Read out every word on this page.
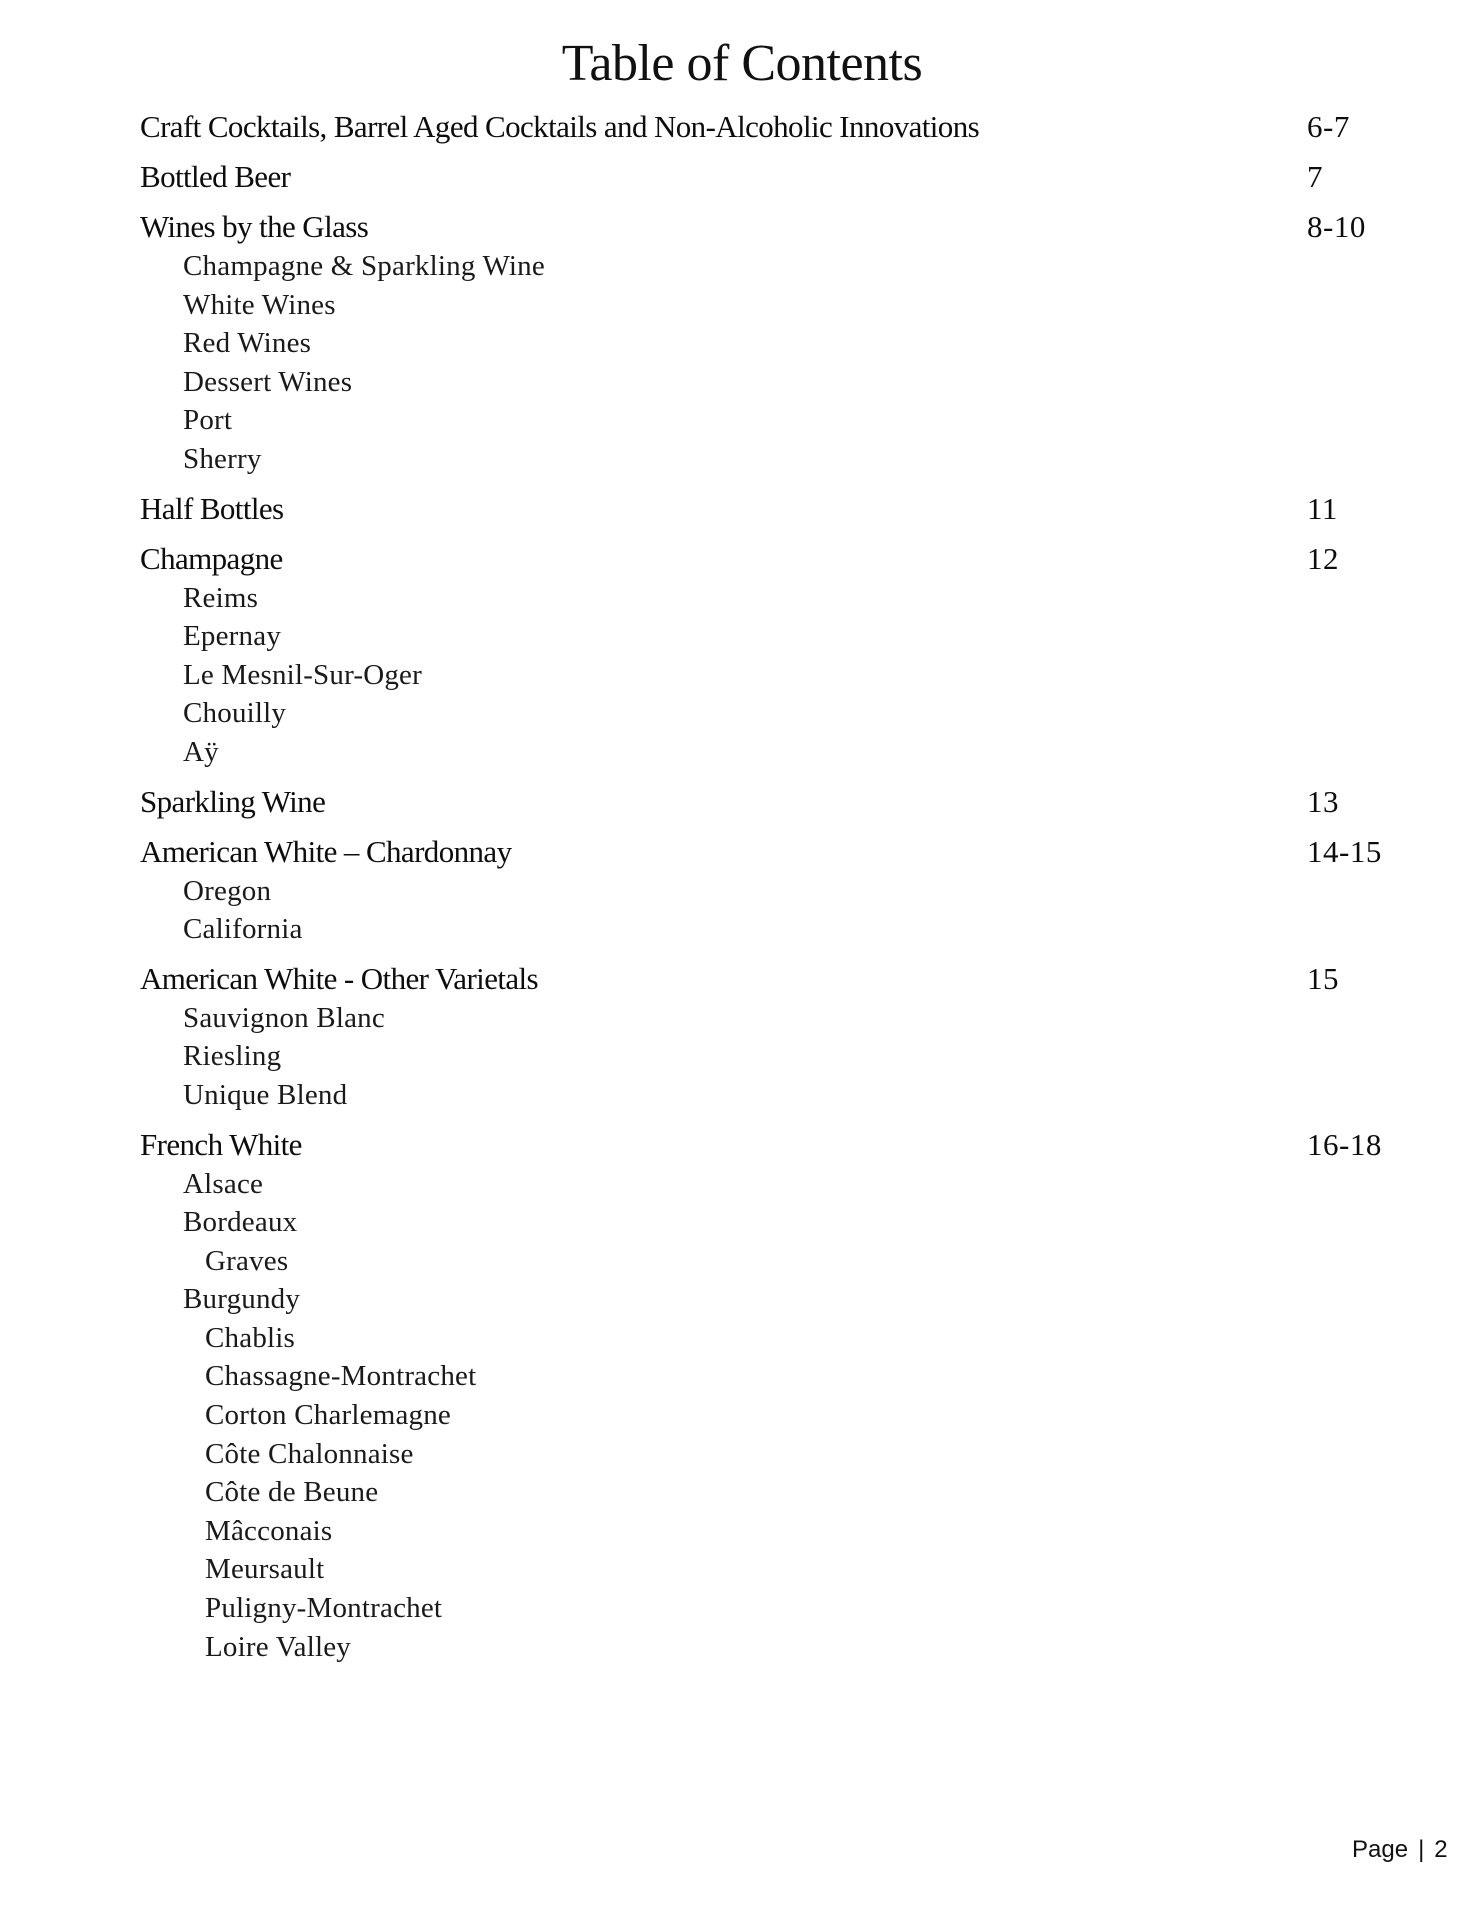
Table of Contents
Craft Cocktails, Barrel Aged Cocktails and Non-Alcoholic Innovations	6-7
Bottled Beer	7
Wines by the Glass	8-10
Champagne & Sparkling Wine
White Wines
Red Wines
Dessert Wines
Port
Sherry
Half Bottles	11
Champagne	12
Reims
Epernay
Le Mesnil-Sur-Oger
Chouilly
Aÿ
Sparkling Wine	13
American White – Chardonnay	14-15
Oregon
California
American White - Other Varietals	15
Sauvignon Blanc
Riesling
Unique Blend
French White	16-18
Alsace
Bordeaux
Graves
Burgundy
Chablis
Chassagne-Montrachet
Corton Charlemagne
Côte Chalonnaise
Côte de Beune
Mâcconais
Meursault
Puligny-Montrachet
Loire Valley
Page | 2
